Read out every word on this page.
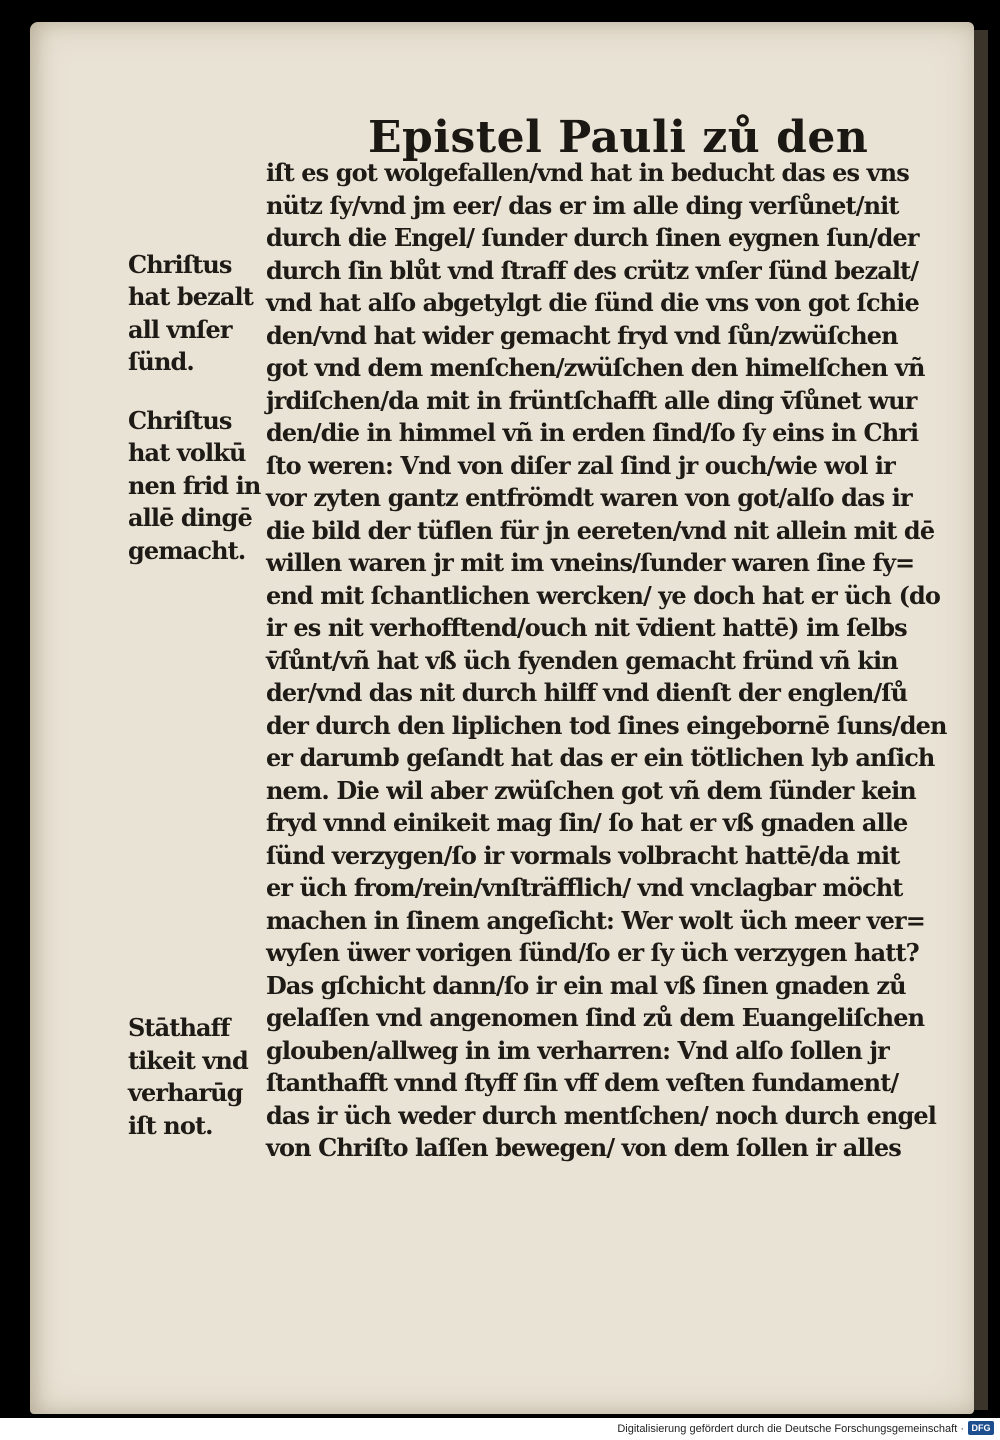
Epistel Pauli zů den
iſt es got wolgefallen/vnd hat in beducht das es vns
nütz ſy/vnd jm eer/ das er im alle ding verſůnet/nit
durch die Engel/ ſunder durch ſinen eygnen ſun/der
durch ſin blůt vnd ſtraff des crütz vnſer ſünd bezalt/
vnd hat alſo abgetylgt die ſünd die vns von got ſchie
den/vnd hat wider gemacht fryd vnd ſůn/zwüſchen
got vnd dem menſchen/zwüſchen den himelſchen vñ
jrdiſchen/da mit in früntſchafft alle ding v̄ſůnet wur
den/die in himmel vñ in erden ſind/ſo ſy eins in Chri
ſto weren: Vnd von diſer zal ſind jr ouch/wie wol ir
vor zyten gantz entfrömdt waren von got/alſo das ir
die bild der tüflen für jn eereten/vnd nit allein mit dē
willen waren jr mit im vneins/ſunder waren ſine fy=
end mit ſchantlichen wercken/ ye doch hat er üch (do
ir es nit verhofftend/ouch nit v̄dient hattē) im ſelbs
v̄ſůnt/vñ hat vß üch fyenden gemacht fründ vñ kin
der/vnd das nit durch hilff vnd dienſt der englen/ſů
der durch den liplichen tod ſines eingebornē ſuns/den
er darumb geſandt hat das er ein tötlichen lyb anſich
nem. Die wil aber zwüſchen got vñ dem ſünder kein
fryd vnnd einikeit mag ſin/ ſo hat er vß gnaden alle
ſünd verzygen/ſo ir vormals volbracht hattē/da mit
er üch from/rein/vnſträfflich/ vnd vnclagbar möcht
machen in ſinem angeſicht: Wer wolt üch meer ver=
wyſen üwer vorigen ſünd/ſo er ſy üch verzygen hatt?
Das gſchicht dann/ſo ir ein mal vß ſinen gnaden zů
gelaſſen vnd angenomen ſind zů dem Euangeliſchen
glouben/allweg in im verharren: Vnd alſo ſollen jr
ſtanthafft vnnd ſtyff ſin vff dem veſten fundament/
das ir üch weder durch mentſchen/ noch durch engel
von Chriſto laſſen bewegen/ von dem ſollen ir alles
Chriſtus
hat bezalt
all vnſer
ſünd.
Chriſtus
hat volkū
nen frid in
allē dingē
gemacht.
Stāthaff
tikeit vnd
verharūg
iſt not.
Digitalisierung gefördert durch die Deutsche Forschungsgemeinschaft · DFG
